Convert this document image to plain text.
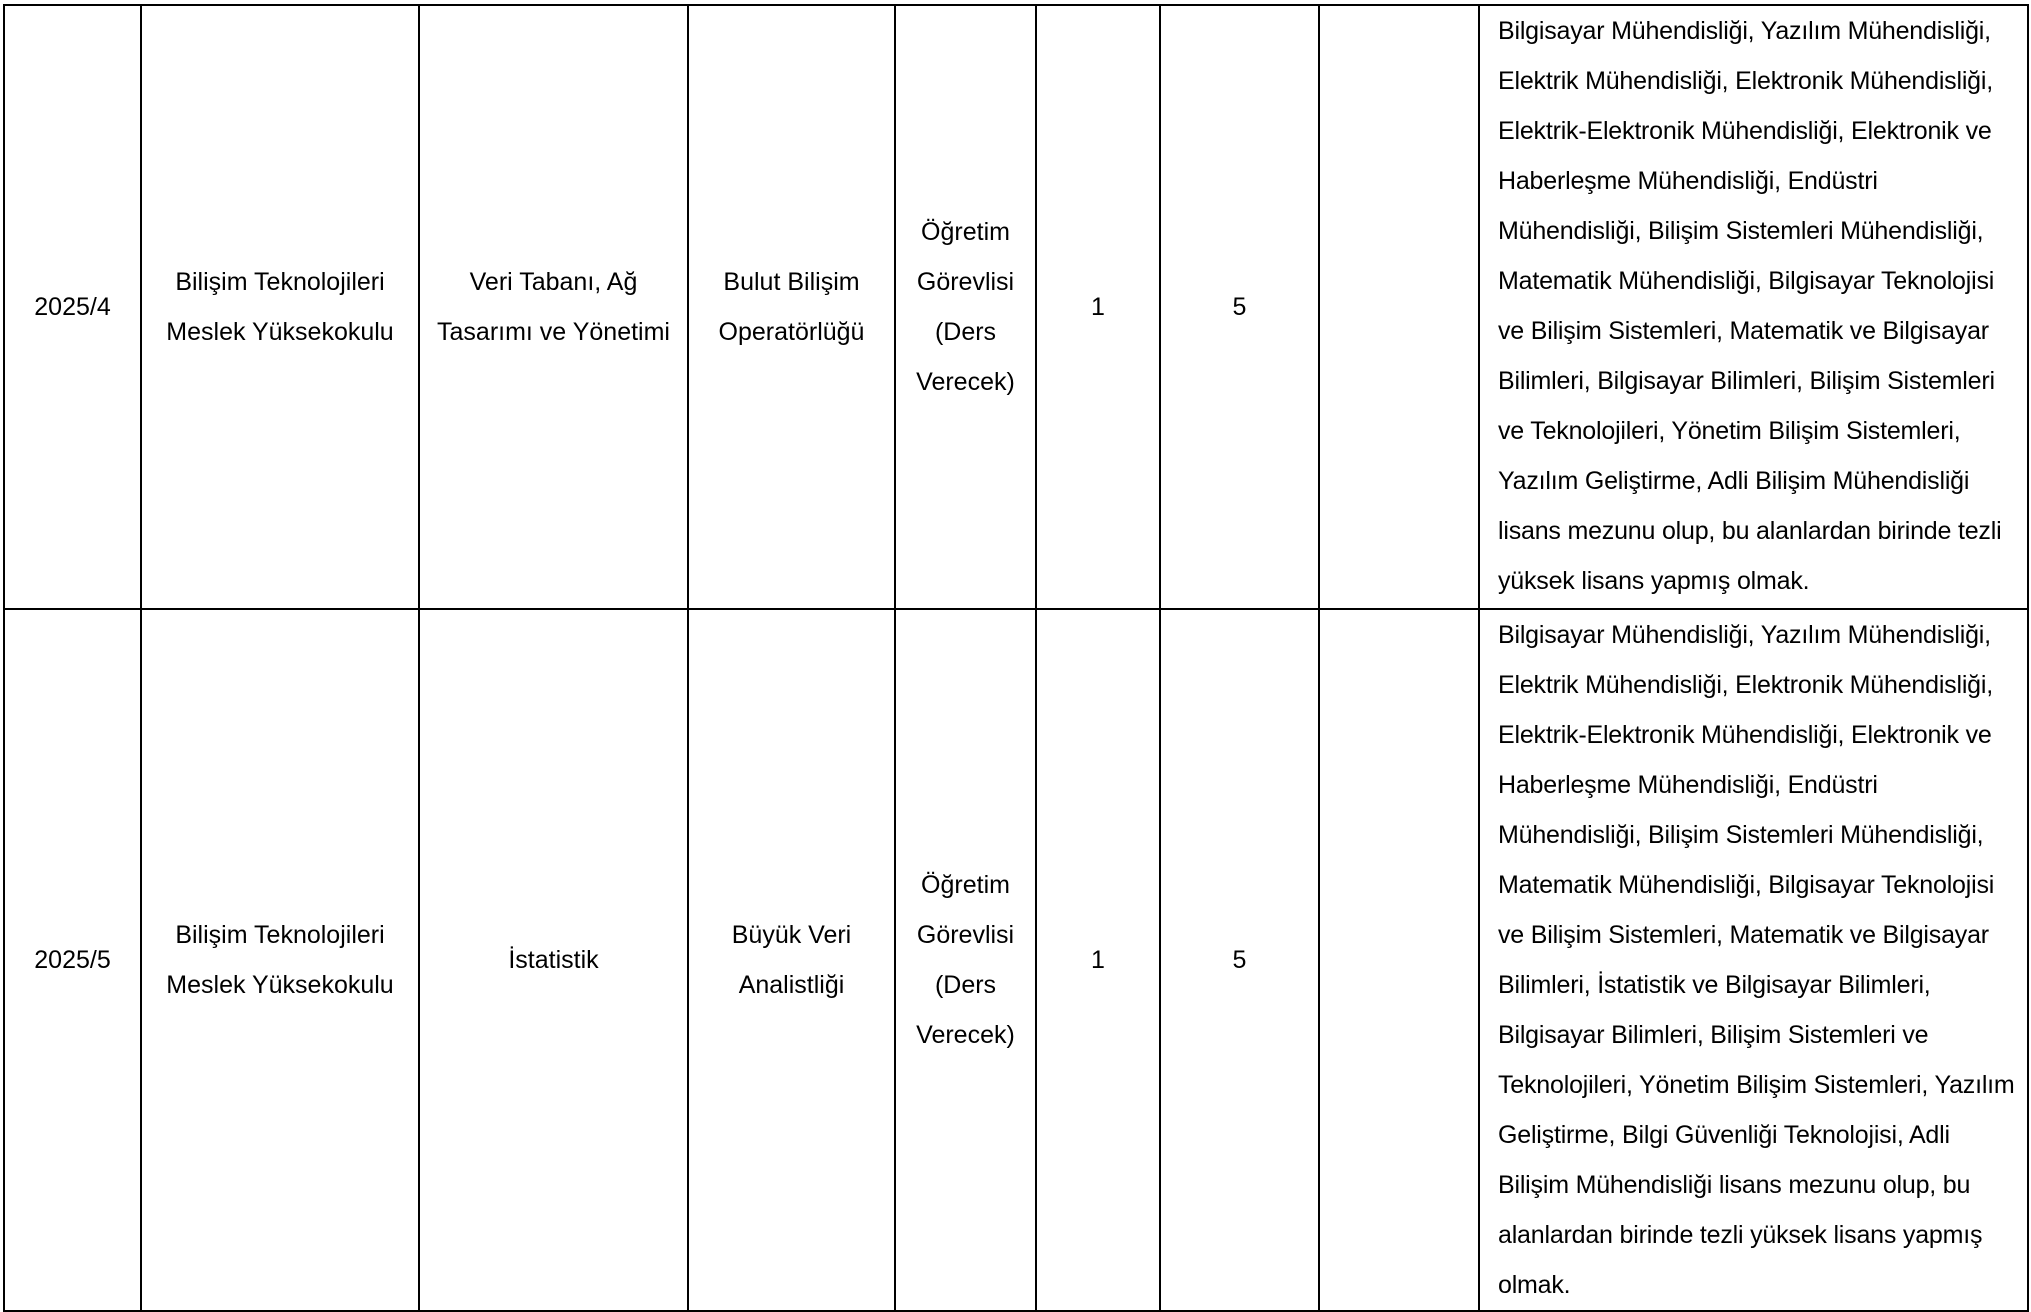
2025/4	Bilişim Teknolojileri Meslek Yüksekokulu	Veri Tabanı, Ağ Tasarımı ve Yönetimi	Bulut Bilişim Operatörlüğü	Öğretim Görevlisi (Ders Verecek)	1	5		Bilgisayar Mühendisliği, Yazılım Mühendisliği, Elektrik Mühendisliği, Elektronik Mühendisliği, Elektrik-Elektronik Mühendisliği, Elektronik ve Haberleşme Mühendisliği, Endüstri Mühendisliği, Bilişim Sistemleri Mühendisliği, Matematik Mühendisliği, Bilgisayar Teknolojisi ve Bilişim Sistemleri, Matematik ve Bilgisayar Bilimleri, Bilgisayar Bilimleri, Bilişim Sistemleri ve Teknolojileri, Yönetim Bilişim Sistemleri, Yazılım Geliştirme, Adli Bilişim Mühendisliği lisans mezunu olup, bu alanlardan birinde tezli yüksek lisans yapmış olmak.

2025/5	Bilişim Teknolojileri Meslek Yüksekokulu	İstatistik	Büyük Veri Analistliği	Öğretim Görevlisi (Ders Verecek)	1	5		Bilgisayar Mühendisliği, Yazılım Mühendisliği, Elektrik Mühendisliği, Elektronik Mühendisliği, Elektrik-Elektronik Mühendisliği, Elektronik ve Haberleşme Mühendisliği, Endüstri Mühendisliği, Bilişim Sistemleri Mühendisliği, Matematik Mühendisliği, Bilgisayar Teknolojisi ve Bilişim Sistemleri, Matematik ve Bilgisayar Bilimleri, İstatistik ve Bilgisayar Bilimleri, Bilgisayar Bilimleri, Bilişim Sistemleri ve Teknolojileri, Yönetim Bilişim Sistemleri, Yazılım Geliştirme, Bilgi Güvenliği Teknolojisi, Adli Bilişim Mühendisliği lisans mezunu olup, bu alanlardan birinde tezli yüksek lisans yapmış olmak.
